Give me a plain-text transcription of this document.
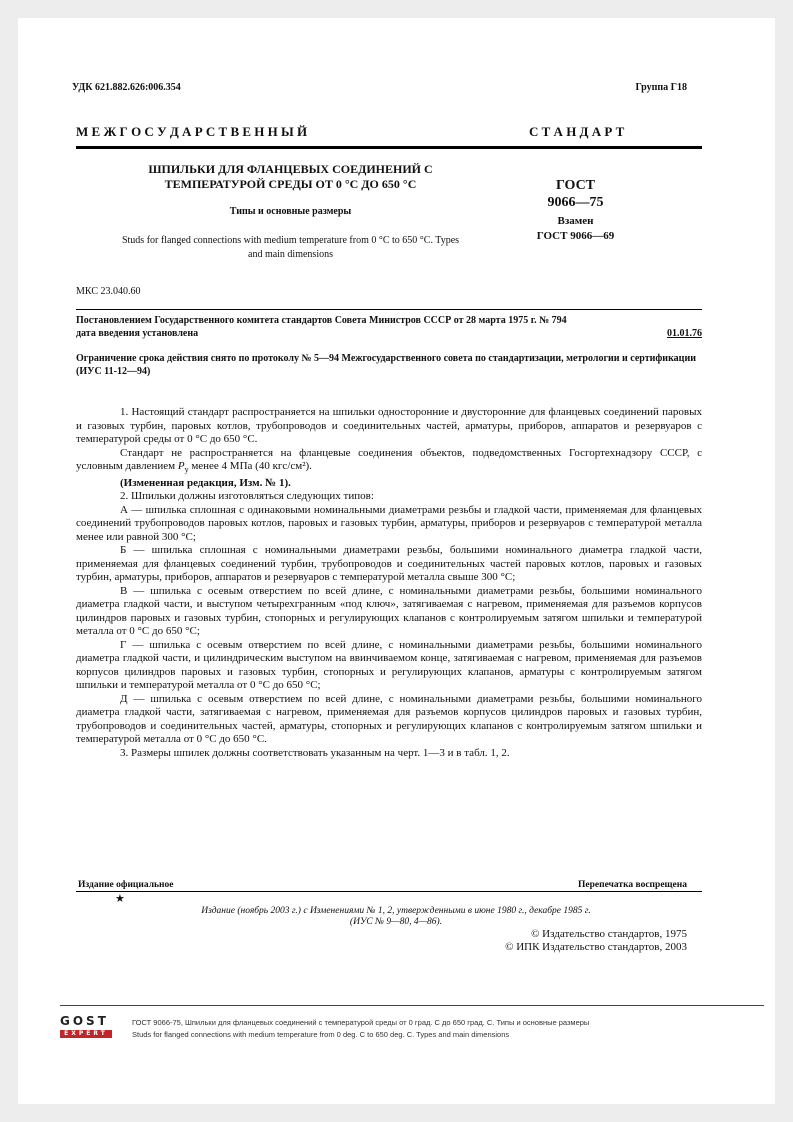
УДК 621.882.626:006.354	Группа Г18
М Е Ж Г О С У Д А Р С Т В Е Н Н Ы Й	С Т А Н Д А Р Т
ШПИЛЬКИ ДЛЯ ФЛАНЦЕВЫХ СОЕДИНЕНИЙ С ТЕМПЕРАТУРОЙ СРЕДЫ ОТ 0 °С ДО 650 °С
Типы и основные размеры
Studs for flanged connections with medium temperature from 0 °C to 650 °C. Types and main dimensions
ГОСТ
9066—75
Взамен
ГОСТ 9066—69
МКС 23.040.60
Постановлением Государственного комитета стандартов Совета Министров СССР от 28 марта 1975 г. № 794
дата введения установлена	01.01.76
Ограничение срока действия снято по протоколу № 5—94 Межгосударственного совета по стандартизации, метрологии и сертификации (ИУС 11-12—94)

1. Настоящий стандарт распространяется на шпильки односторонние и двусторонние для фланцевых соединений паровых и газовых турбин, паровых котлов, трубопроводов и соединительных частей, арматуры, приборов, аппаратов и резервуаров с температурой среды от 0 °С до 650 °С.

Стандарт не распространяется на фланцевые соединения объектов, подведомственных Госгортехнадзору СССР, с условным давлением $P_у$ менее 4 МПа (40 кгс/см²).

(Измененная редакция, Изм. № 1).

2. Шпильки должны изготовляться следующих типов:

А — шпилька сплошная с одинаковыми номинальными диаметрами резьбы и гладкой части, применяемая для фланцевых соединений трубопроводов паровых котлов, паровых и газовых турбин, арматуры, приборов и резервуаров с температурой металла менее или равной 300 °С;

Б — шпилька сплошная с номинальными диаметрами резьбы, большими номинального диаметра гладкой части, применяемая для фланцевых соединений турбин, трубопроводов и соединительных частей паровых котлов, паровых и газовых турбин, арматуры, приборов, аппаратов и резервуаров с температурой металла свыше 300 °С;

В — шпилька с осевым отверстием по всей длине, с номинальными диаметрами резьбы, большими номинального диаметра гладкой части, и выступом четырехгранным «под ключ», затягиваемая с нагревом, применяемая для разъемов корпусов цилиндров паровых и газовых турбин, стопорных и регулирующих клапанов с контролируемым затягом шпильки и температурой металла от 0 °С до 650 °С;

Г — шпилька с осевым отверстием по всей длине, с номинальными диаметрами резьбы, большими номинального диаметра гладкой части, и цилиндрическим выступом на ввинчиваемом конце, затягиваемая с нагревом, применяемая для разъемов корпусов цилиндров паровых и газовых турбин, стопорных и регулирующих клапанов, арматуры с контролируемым затягом шпильки и температурой металла от 0 °С до 650 °С;

Д — шпилька с осевым отверстием по всей длине, с номинальными диаметрами резьбы, большими номинального диаметра гладкой части, затягиваемая с нагревом, применяемая для разъемов корпусов цилиндров паровых и газовых турбин, трубопроводов и соединительных частей, арматуры, стопорных и регулирующих клапанов с контролируемым затягом шпильки и температурой металла от 0 °С до 650 °С.

3. Размеры шпилек должны соответствовать указанным на черт. 1—3 и в табл. 1, 2.

Издание официальное	Перепечатка воспрещена
★
Издание (ноябрь 2003 г.) с Изменениями № 1, 2, утвержденными в июне 1980 г., декабре 1985 г.
(ИУС № 9—80, 4—86).
© Издательство стандартов, 1975
© ИПК Издательство стандартов, 2003
GOST
EXPERT
ГОСТ 9066-75, Шпильки для фланцевых соединений с температурой среды от 0 град. С до 650 град. С. Типы и основные размеры
Studs for flanged connections with medium temperature from 0 deg. C to 650 deg. C. Types and main dimensions
